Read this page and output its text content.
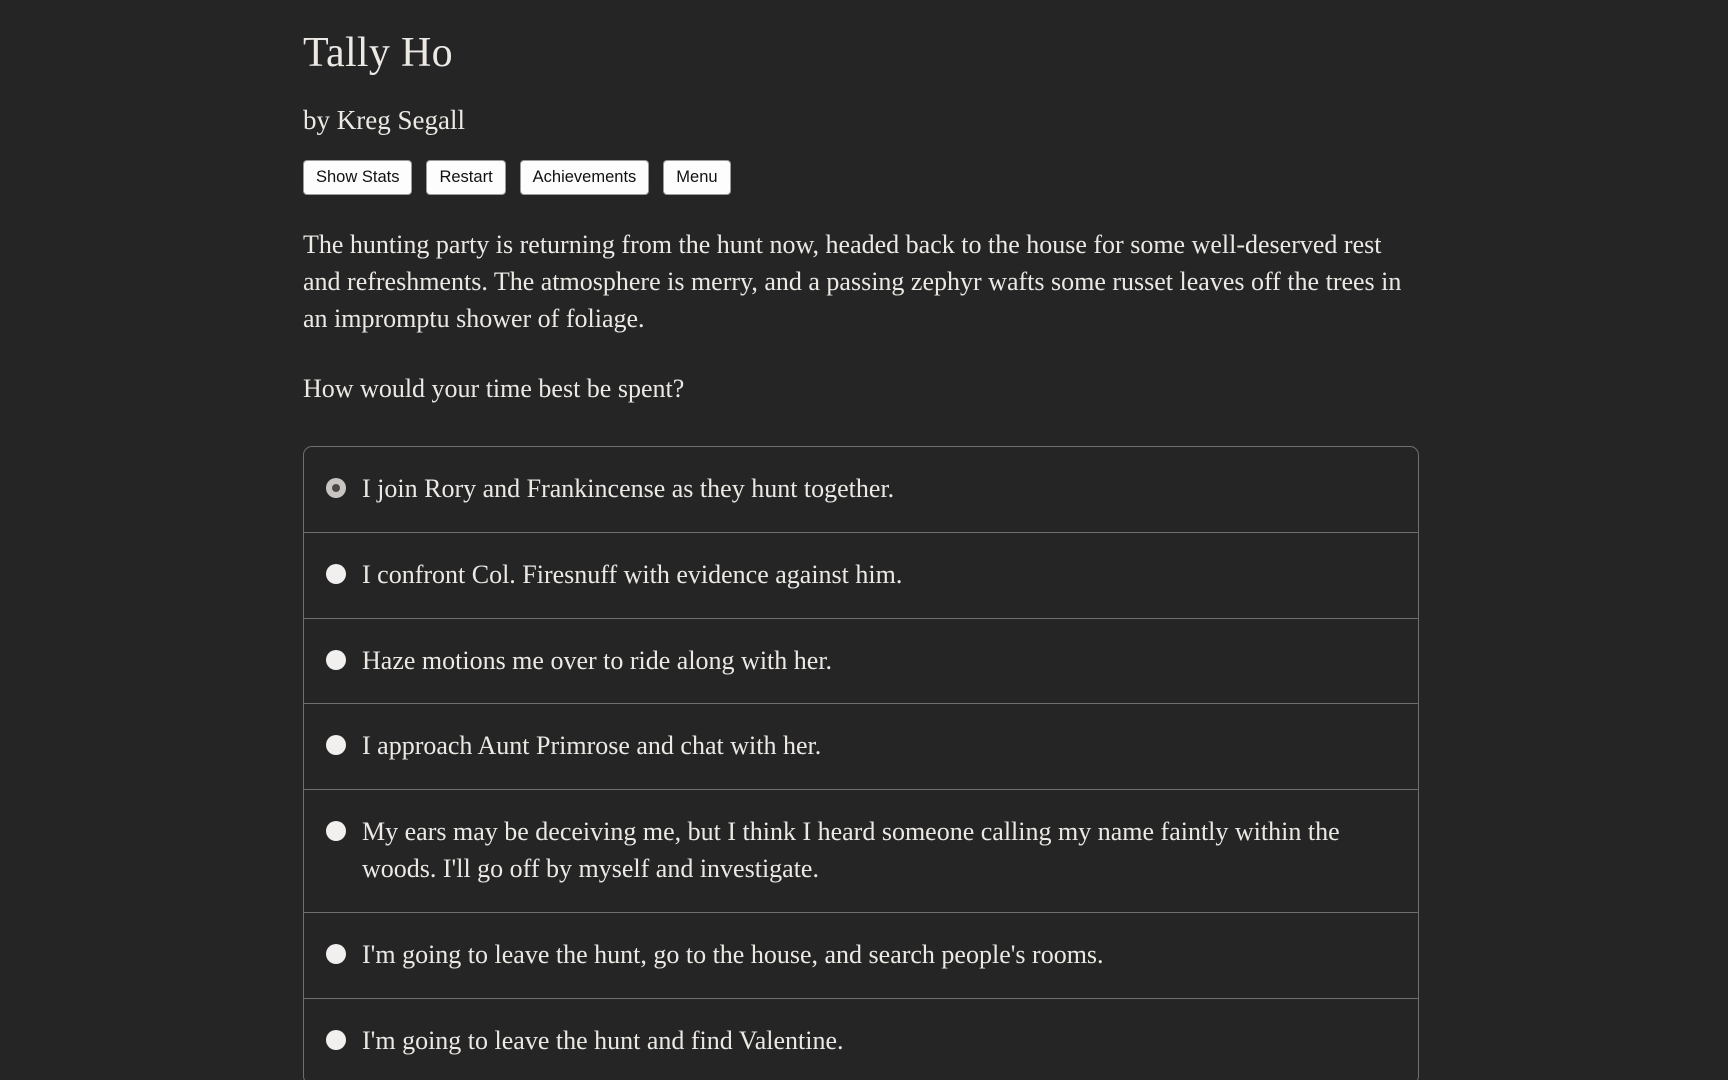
Tally Ho
by Kreg Segall
Show Stats	Restart	Achievements	Menu

The hunting party is returning from the hunt now, headed back to the house for some well-deserved rest and refreshments. The atmosphere is merry, and a passing zephyr wafts some russet leaves off the trees in an impromptu shower of foliage.

How would your time best be spent?

I join Rory and Frankincense as they hunt together.
I confront Col. Firesnuff with evidence against him.
Haze motions me over to ride along with her.
I approach Aunt Primrose and chat with her.
My ears may be deceiving me, but I think I heard someone calling my name faintly within the woods. I'll go off by myself and investigate.
I'm going to leave the hunt, go to the house, and search people's rooms.
I'm going to leave the hunt and find Valentine.
